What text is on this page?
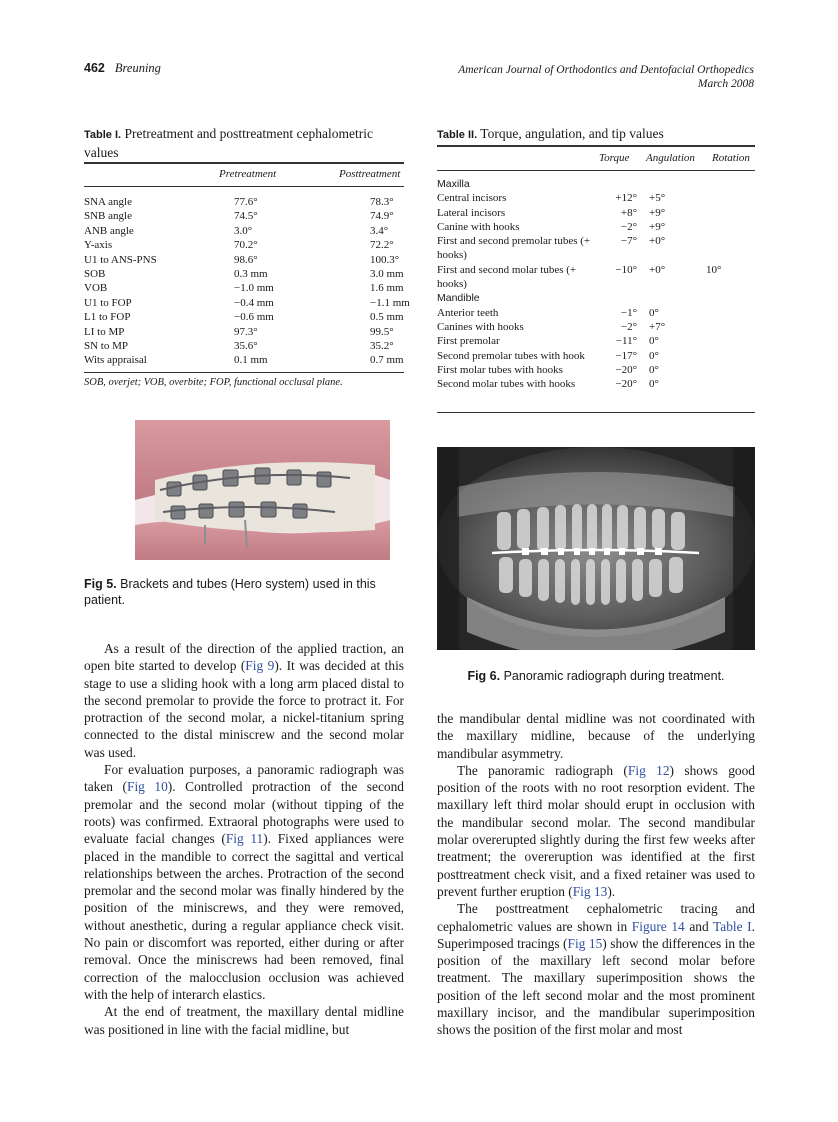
462 Breuning	American Journal of Orthodontics and Dentofacial Orthopedics
March 2008
Table I. Pretreatment and posttreatment cephalometric values
Pretreatment	Posttreatment
SNA angle	77.6°	78.3°
SNB angle	74.5°	74.9°
ANB angle	3.0°	3.4°
Y-axis	70.2°	72.2°
U1 to ANS-PNS	98.6°	100.3°
SOB	0.3 mm	3.0 mm
VOB	−1.0 mm	1.6 mm
U1 to FOP	−0.4 mm	−1.1 mm
L1 to FOP	−0.6 mm	0.5 mm
LI to MP	97.3°	99.5°
SN to MP	35.6°	35.2°
Wits appraisal	0.1 mm	0.7 mm
SOB, overjet; VOB, overbite; FOP, functional occlusal plane.
Table II. Torque, angulation, and tip values
Torque Angulation Rotation
Maxilla			
Central incisors	+12°	+5°	
Lateral incisors	+8°	+9°	
Canine with hooks	−2°	+9°	
First and second premolar tubes (+ hooks)	−7°	+0°	
First and second molar tubes (+ hooks)	−10°	+0°	10°
Mandible			
Anterior teeth	−1°	0°	
Canines with hooks	−2°	+7°	
First premolar	−11°	0°	
Second premolar tubes with hook	−17°	0°	
First molar tubes with hooks	−20°	0°	
Second molar tubes with hooks	−20°	0°	
Fig 5. Brackets and tubes (Hero system) used in this patient.
Fig 6. Panoramic radiograph during treatment.

As a result of the direction of the applied traction, an open bite started to develop (Fig 9). It was decided at this stage to use a sliding hook with a long arm placed distal to the second premolar to provide the force to protract it. For protraction of the second molar, a nickel-titanium spring connected to the distal miniscrew and the second molar was used.

For evaluation purposes, a panoramic radiograph was taken (Fig 10). Controlled protraction of the second premolar and the second molar (without tipping of the roots) was confirmed. Extraoral photographs were used to evaluate facial changes (Fig 11). Fixed appliances were placed in the mandible to correct the sagittal and vertical relationships between the arches. Protraction of the second premolar and the second molar was finally hindered by the position of the miniscrews, and they were removed, without anesthetic, during a regular appliance check visit. No pain or discomfort was reported, either during or after removal. Once the miniscrews had been removed, final correction of the malocclusion occlusion was achieved with the help of interarch elastics.

At the end of treatment, the maxillary dental midline was positioned in line with the facial midline, but

the mandibular dental midline was not coordinated with the maxillary midline, because of the underlying mandibular asymmetry.

The panoramic radiograph (Fig 12) shows good position of the roots with no root resorption evident. The maxillary left third molar should erupt in occlusion with the mandibular second molar. The second mandibular molar overerupted slightly during the first few weeks after treatment; the overeruption was identified at the first posttreatment check visit, and a fixed retainer was used to prevent further eruption (Fig 13).

The posttreatment cephalometric tracing and cephalometric values are shown in Figure 14 and Table I. Superimposed tracings (Fig 15) show the differences in the position of the maxillary left second molar before treatment. The maxillary superimposition shows the position of the left second molar and the most prominent maxillary incisor, and the mandibular superimposition shows the position of the first molar and most
